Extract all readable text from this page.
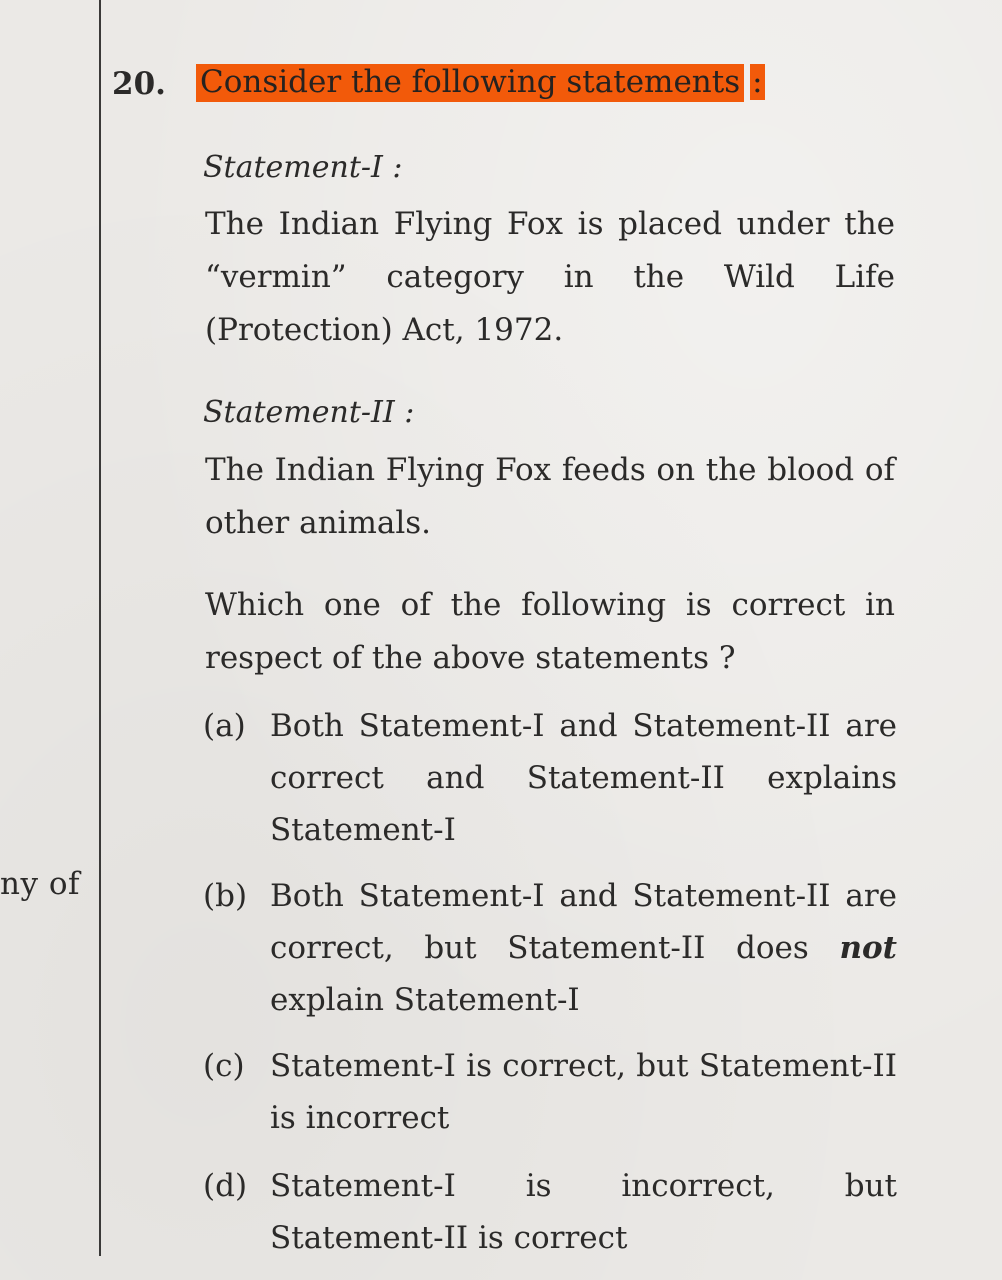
ny of
20. Consider the following statements :
Statement-I :
The Indian Flying Fox is placed under the “vermin” category in the Wild Life (Protection) Act, 1972.
Statement-II :
The Indian Flying Fox feeds on the blood of other animals.
Which one of the following is correct in respect of the above statements ?
(a) Both Statement-I and Statement-II are correct and Statement-II explains Statement-I
(b) Both Statement-I and Statement-II are correct, but Statement-II does not explain Statement-I
(c) Statement-I is correct, but Statement-II is incorrect
(d) Statement-I is incorrect, but Statement-II is correct
